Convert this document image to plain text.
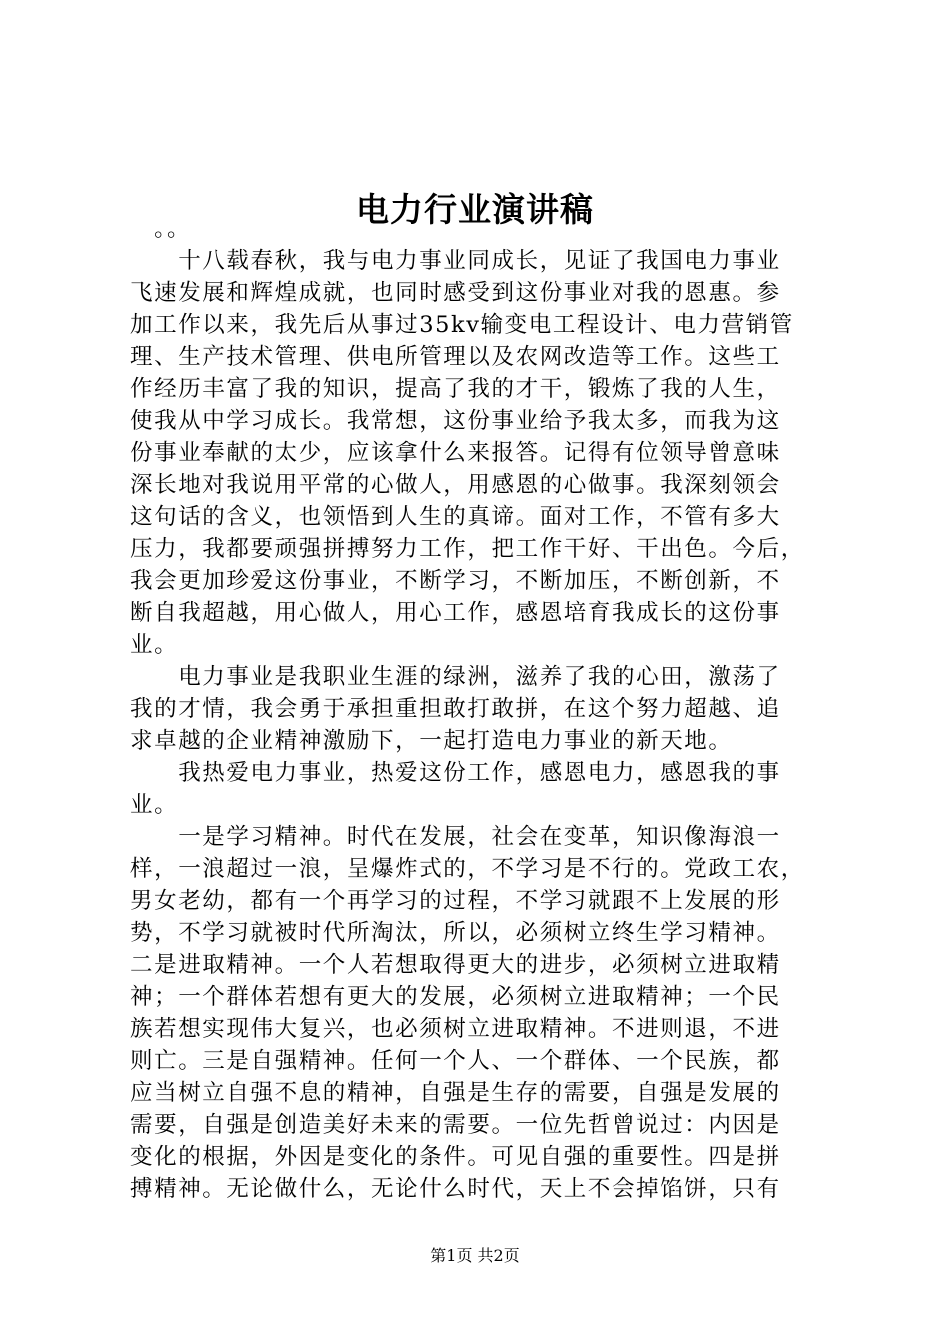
电力行业演讲稿

　。。

　　十八载春秋，我与电力事业同成长，见证了我国电力事业
飞速发展和辉煌成就，也同时感受到这份事业对我的恩惠。参
加工作以来，我先后从事过35kv输变电工程设计、电力营销管
理、生产技术管理、供电所管理以及农网改造等工作。这些工
作经历丰富了我的知识，提高了我的才干，锻炼了我的人生，
使我从中学习成长。我常想，这份事业给予我太多，而我为这
份事业奉献的太少，应该拿什么来报答。记得有位领导曾意味
深长地对我说用平常的心做人，用感恩的心做事。我深刻领会
这句话的含义，也领悟到人生的真谛。面对工作，不管有多大
压力，我都要顽强拼搏努力工作，把工作干好、干出色。今后，
我会更加珍爱这份事业，不断学习，不断加压，不断创新，不
断自我超越，用心做人，用心工作，感恩培育我成长的这份事
业。

　　电力事业是我职业生涯的绿洲，滋养了我的心田，激荡了
我的才情，我会勇于承担重担敢打敢拼，在这个努力超越、追
求卓越的企业精神激励下，一起打造电力事业的新天地。

　　我热爱电力事业，热爱这份工作，感恩电力，感恩我的事
业。

　　一是学习精神。时代在发展，社会在变革，知识像海浪一
样，一浪超过一浪，呈爆炸式的，不学习是不行的。党政工农，
男女老幼，都有一个再学习的过程，不学习就跟不上发展的形
势，不学习就被时代所淘汰，所以，必须树立终生学习精神。
二是进取精神。一个人若想取得更大的进步，必须树立进取精
神；一个群体若想有更大的发展，必须树立进取精神；一个民
族若想实现伟大复兴，也必须树立进取精神。不进则退，不进
则亡。三是自强精神。任何一个人、一个群体、一个民族，都
应当树立自强不息的精神，自强是生存的需要，自强是发展的
需要，自强是创造美好未来的需要。一位先哲曾说过：内因是
变化的根据，外因是变化的条件。可见自强的重要性。四是拼
搏精神。无论做什么，无论什么时代，天上不会掉馅饼，只有

第1页 共2页
